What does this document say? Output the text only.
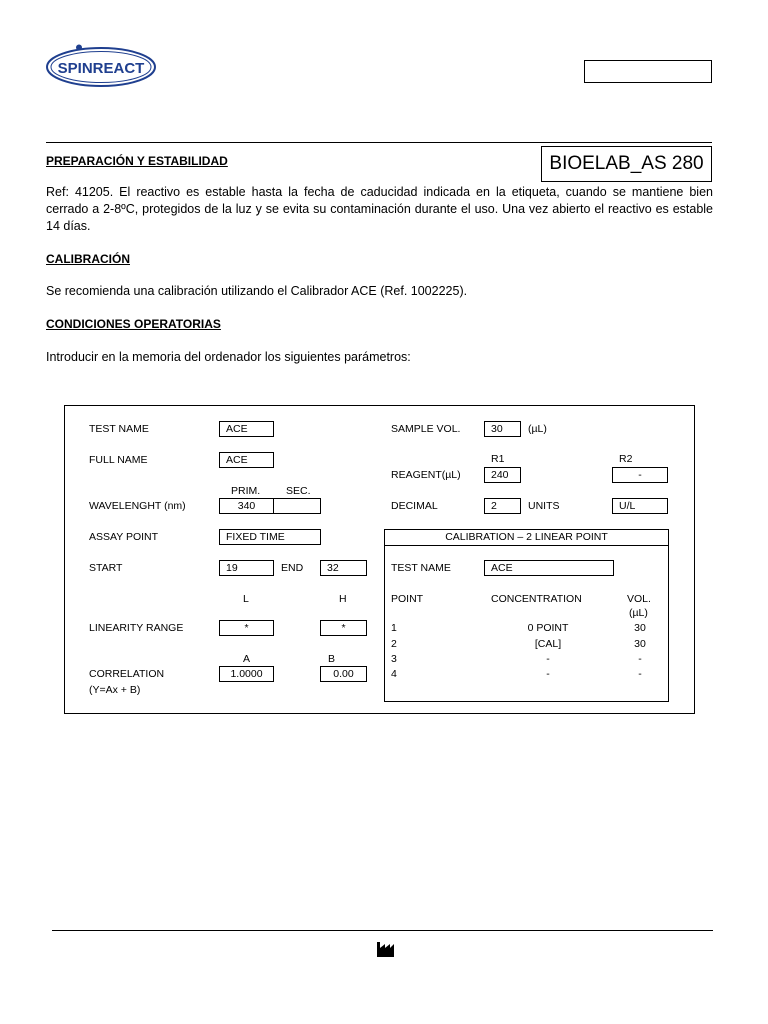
SPINREACT
BIOELAB_AS 280
PREPARACIÓN Y ESTABILIDAD
Ref: 41205. El reactivo es estable hasta la fecha de caducidad indicada en la etiqueta, cuando se mantiene bien cerrado a 2-8ºC, protegidos de la luz y se evita su contaminación durante el uso. Una vez abierto el reactivo es estable 14 días.
CALIBRACIÓN
Se recomienda una calibración utilizando el Calibrador ACE (Ref. 1002225).
CONDICIONES OPERATORIAS
Introducir en la memoria del ordenador los siguientes parámetros:
TEST NAME	ACE
FULL NAME	ACE
PRIM. SEC.
WAVELENGHT (nm)	340
ASSAY POINT	FIXED TIME
START	19	END	32
L	H
LINEARITY RANGE	*	*
A	B
CORRELATION
(Y=Ax + B)
1.0000	0.00
SAMPLE VOL.	30	(µL)
R1	R2
REAGENT(µL)	240	-
DECIMAL	2	UNITS	U/L
CALIBRATION – 2 LINEAR POINT
TEST NAME	ACE
POINT	CONCENTRATION	VOL.
(µL)
1	0 POINT	30
2	[CAL]	30
3	-	-
4	-	-
